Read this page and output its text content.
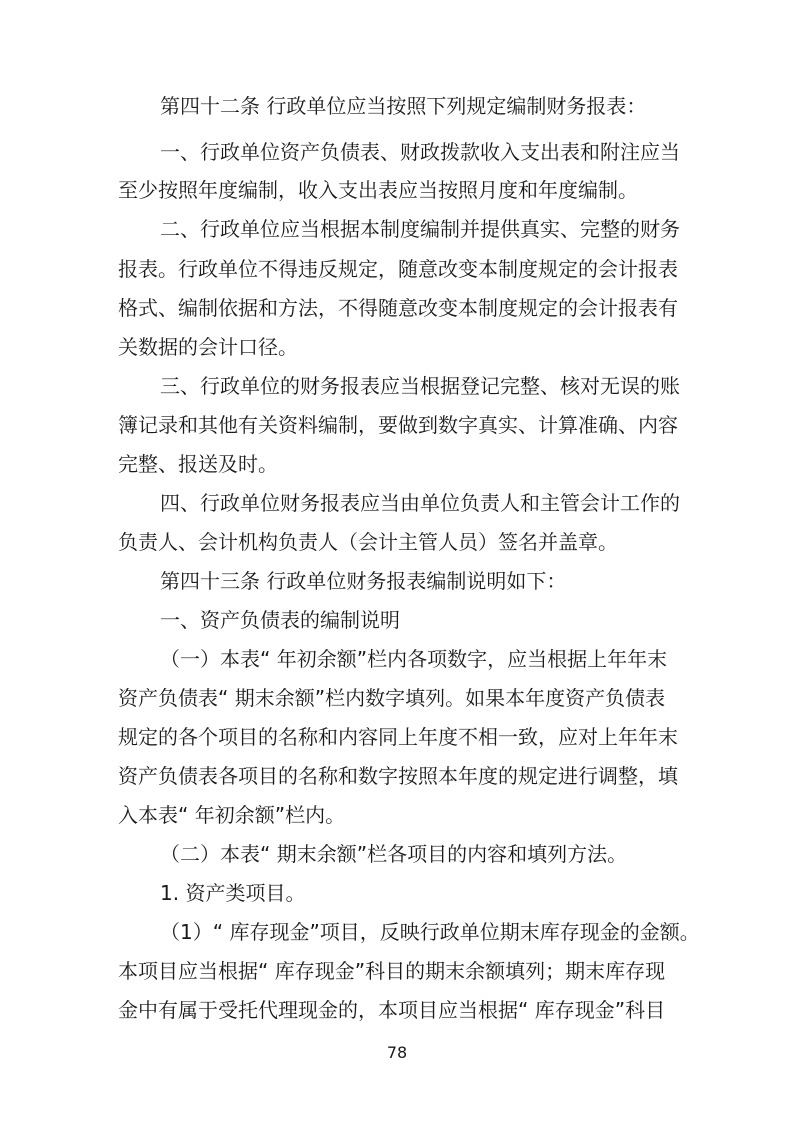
第四十二条 行政单位应当按照下列规定编制财务报表：
一、行政单位资产负债表、财政拨款收入支出表和附注应当
至少按照年度编制，收入支出表应当按照月度和年度编制。
二、行政单位应当根据本制度编制并提供真实、完整的财务
报表。行政单位不得违反规定，随意改变本制度规定的会计报表
格式、编制依据和方法，不得随意改变本制度规定的会计报表有
关数据的会计口径。
三、行政单位的财务报表应当根据登记完整、核对无误的账
簿记录和其他有关资料编制，要做到数字真实、计算准确、内容
完整、报送及时。
四、行政单位财务报表应当由单位负责人和主管会计工作的
负责人、会计机构负责人（会计主管人员）签名并盖章。
第四十三条 行政单位财务报表编制说明如下：
一、资产负债表的编制说明
（一）本表“ 年初余额”栏内各项数字，应当根据上年年末
资产负债表“ 期末余额”栏内数字填列。如果本年度资产负债表
规定的各个项目的名称和内容同上年度不相一致，应对上年年末
资产负债表各项目的名称和数字按照本年度的规定进行调整，填
入本表“ 年初余额”栏内。
（二）本表“ 期末余额”栏各项目的内容和填列方法。
1. 资产类项目。
（1）“ 库存现金”项目，反映行政单位期末库存现金的金额。
本项目应当根据“ 库存现金”科目的期末余额填列；期末库存现
金中有属于受托代理现金的，本项目应当根据“ 库存现金”科目
78
